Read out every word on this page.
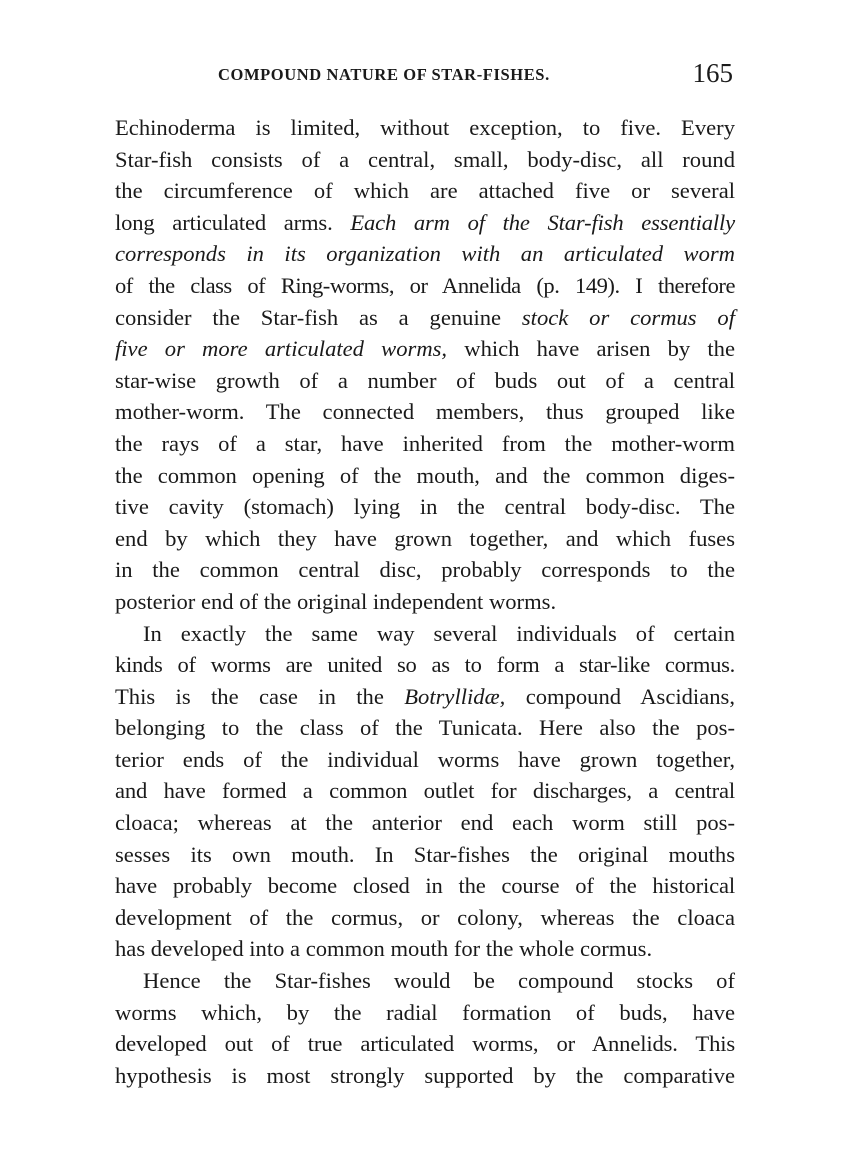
COMPOUND NATURE OF STAR-FISHES.	165
Echinoderma is limited, without exception, to five. Every
Star-fish consists of a central, small, body-disc, all round
the circumference of which are attached five or several
long articulated arms. Each arm of the Star-fish essentially
corresponds in its organization with an articulated worm
of the class of Ring-worms, or Annelida (p. 149). I therefore
consider the Star-fish as a genuine stock or cormus of
five or more articulated worms, which have arisen by the
star-wise growth of a number of buds out of a central
mother-worm. The connected members, thus grouped like
the rays of a star, have inherited from the mother-worm
the common opening of the mouth, and the common diges-
tive cavity (stomach) lying in the central body-disc. The
end by which they have grown together, and which fuses
in the common central disc, probably corresponds to the
posterior end of the original independent worms.
In exactly the same way several individuals of certain
kinds of worms are united so as to form a star-like cormus.
This is the case in the Botryllidæ, compound Ascidians,
belonging to the class of the Tunicata. Here also the pos-
terior ends of the individual worms have grown together,
and have formed a common outlet for discharges, a central
cloaca; whereas at the anterior end each worm still pos-
sesses its own mouth. In Star-fishes the original mouths
have probably become closed in the course of the historical
development of the cormus, or colony, whereas the cloaca
has developed into a common mouth for the whole cormus.
Hence the Star-fishes would be compound stocks of
worms which, by the radial formation of buds, have
developed out of true articulated worms, or Annelids. This
hypothesis is most strongly supported by the comparative
